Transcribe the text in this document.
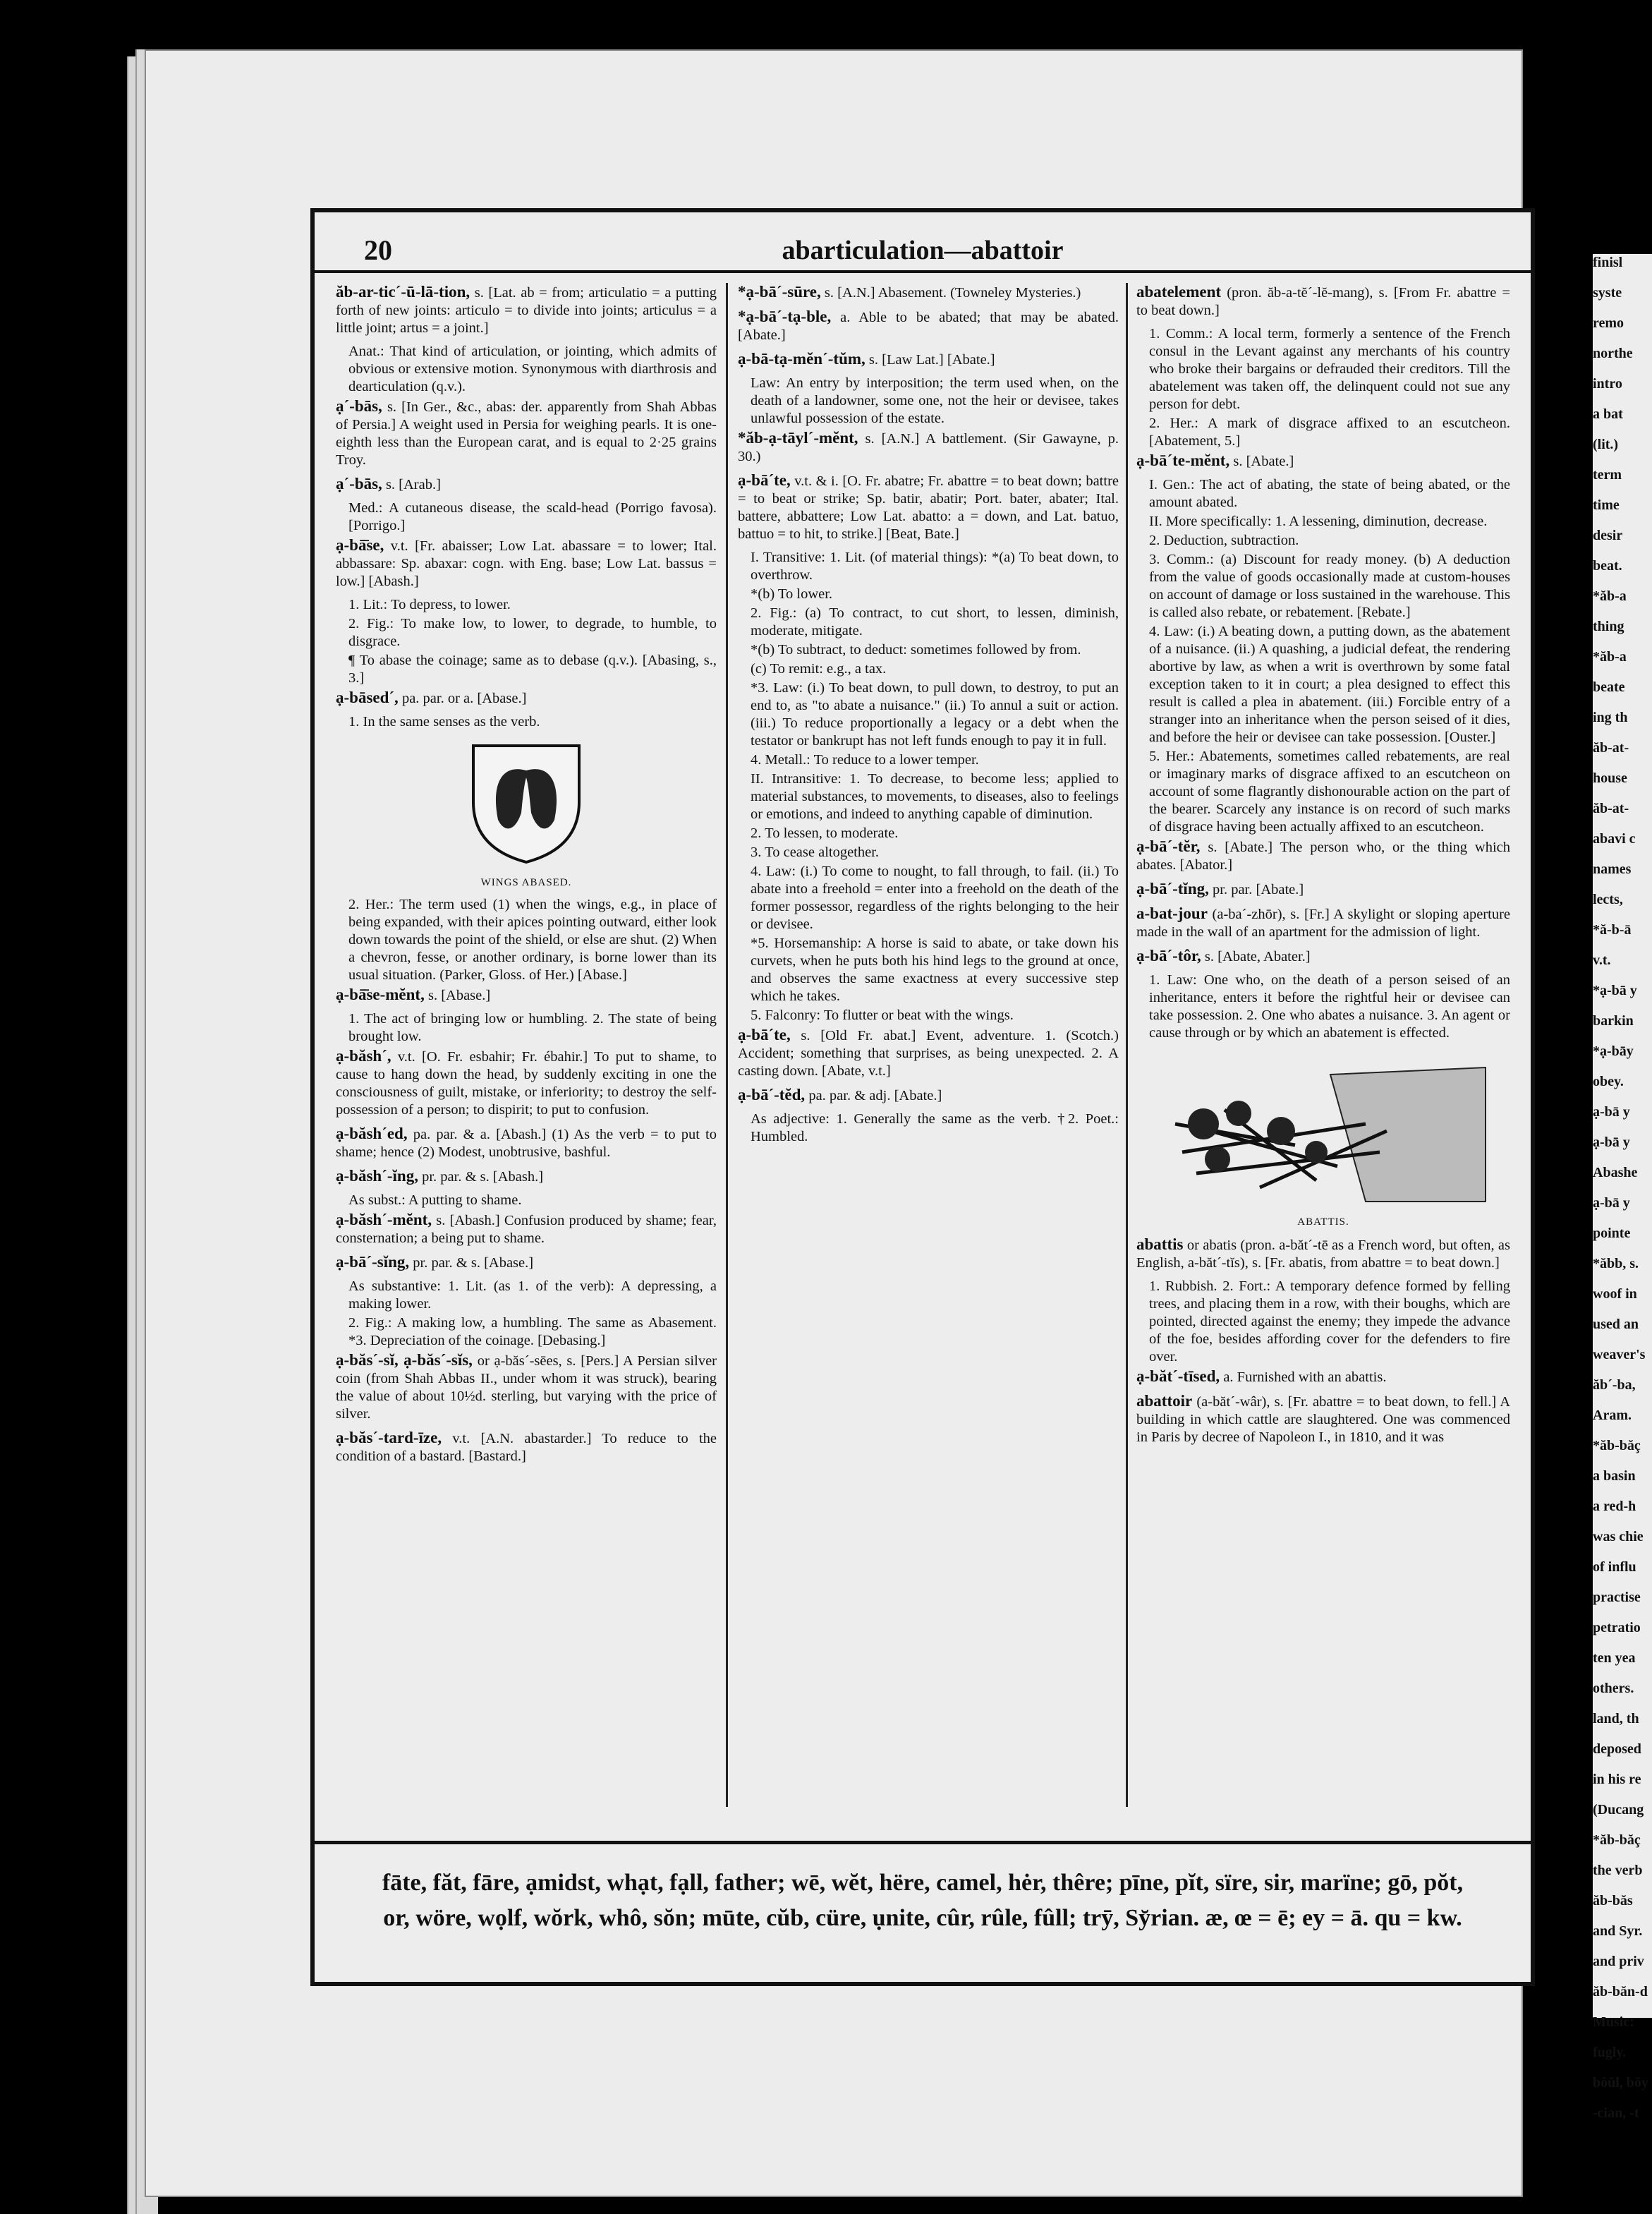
20	abarticulation—abattoir

ăb-ar-tic´-ū-lā-tion, s. [Lat. ab = from; articulatio = a putting forth of new joints: articulo = to divide into joints; articulus = a little joint; artus = a joint.]

Anat.: That kind of articulation, or jointing, which admits of obvious or extensive motion. Synonymous with diarthrosis and dearticulation (q.v.).

ạ´-bās, s. [In Ger., &c., abas: der. apparently from Shah Abbas of Persia.] A weight used in Persia for weighing pearls. It is one-eighth less than the European carat, and is equal to 2·25 grains Troy.

ạ´-bās, s. [Arab.]

Med.: A cutaneous disease, the scald-head (Porrigo favosa). [Porrigo.]

ạ-bā̄se, v.t. [Fr. abaisser; Low Lat. abassare = to lower; Ital. abbassare: Sp. abaxar: cogn. with Eng. base; Low Lat. bassus = low.] [Abash.]

1. Lit.: To depress, to lower.

2. Fig.: To make low, to lower, to degrade, to humble, to disgrace.

¶ To abase the coinage; same as to debase (q.v.). [Abasing, s., 3.]

ạ-bāsed´, pa. par. or a. [Abase.]

1. In the same senses as the verb.

WINGS ABASED.

2. Her.: The term used (1) when the wings, e.g., in place of being expanded, with their apices pointing outward, either look down towards the point of the shield, or else are shut. (2) When a chevron, fesse, or another ordinary, is borne lower than its usual situation. (Parker, Gloss. of Her.) [Abase.]

ạ-bā̄se-mĕnt, s. [Abase.]

1. The act of bringing low or humbling. 2. The state of being brought low.

ạ-băsh´, v.t. [O. Fr. esbahir; Fr. ébahir.] To put to shame, to cause to hang down the head, by suddenly exciting in one the consciousness of guilt, mistake, or inferiority; to destroy the self-possession of a person; to dispirit; to put to confusion.

ạ-băsh´ed, pa. par. & a. [Abash.] (1) As the verb = to put to shame; hence (2) Modest, unobtrusive, bashful.

ạ-băsh´-ĭng, pr. par. & s. [Abash.]

As subst.: A putting to shame.

ạ-băsh´-mĕnt, s. [Abash.] Confusion produced by shame; fear, consternation; a being put to shame.

ạ-bā´-sĭng, pr. par. & s. [Abase.]

As substantive: 1. Lit. (as 1. of the verb): A depressing, a making lower.

2. Fig.: A making low, a humbling. The same as Abasement. *3. Depreciation of the coinage. [Debasing.]

ạ-băs´-sĭ, ạ-băs´-sĭs, or ạ-băs´-sēes, s. [Pers.] A Persian silver coin (from Shah Abbas II., under whom it was struck), bearing the value of about 10½d. sterling, but varying with the price of silver.

ạ-băs´-tard-īze, v.t. [A.N. abastarder.] To reduce to the condition of a bastard. [Bastard.]

*ạ-bā´-sūre, s. [A.N.] Abasement. (Towneley Mysteries.)

*ạ-bā´-tạ-ble, a. Able to be abated; that may be abated. [Abate.]

ạ-bā-tạ-mĕn´-tŭm, s. [Law Lat.] [Abate.]

Law: An entry by interposition; the term used when, on the death of a landowner, some one, not the heir or devisee, takes unlawful possession of the estate.

*ăb-ạ-tāyl´-mĕnt, s. [A.N.] A battlement. (Sir Gawayne, p. 30.)

ạ-bā´te, v.t. & i. [O. Fr. abatre; Fr. abattre = to beat down; battre = to beat or strike; Sp. batir, abatir; Port. bater, abater; Ital. battere, abbattere; Low Lat. abatto: a = down, and Lat. batuo, battuo = to hit, to strike.] [Beat, Bate.]

I. Transitive: 1. Lit. (of material things): *(a) To beat down, to overthrow.

*(b) To lower.

2. Fig.: (a) To contract, to cut short, to lessen, diminish, moderate, mitigate.

*(b) To subtract, to deduct: sometimes followed by from.

(c) To remit: e.g., a tax.

*3. Law: (i.) To beat down, to pull down, to destroy, to put an end to, as "to abate a nuisance." (ii.) To annul a suit or action. (iii.) To reduce proportionally a legacy or a debt when the testator or bankrupt has not left funds enough to pay it in full.

4. Metall.: To reduce to a lower temper.

II. Intransitive: 1. To decrease, to become less; applied to material substances, to movements, to diseases, also to feelings or emotions, and indeed to anything capable of diminution.

2. To lessen, to moderate.

3. To cease altogether.

4. Law: (i.) To come to nought, to fall through, to fail. (ii.) To abate into a freehold = enter into a freehold on the death of the former possessor, regardless of the rights belonging to the heir or devisee.

*5. Horsemanship: A horse is said to abate, or take down his curvets, when he puts both his hind legs to the ground at once, and observes the same exactness at every successive step which he takes.

5. Falconry: To flutter or beat with the wings.

ạ-bā´te, s. [Old Fr. abat.] Event, adventure. 1. (Scotch.) Accident; something that surprises, as being unexpected. 2. A casting down. [Abate, v.t.]

ạ-bā´-tĕd, pa. par. & adj. [Abate.]

As adjective: 1. Generally the same as the verb. †2. Poet.: Humbled.

abatelement (pron. ăb-a-tĕ´-lĕ-mang), s. [From Fr. abattre = to beat down.]

1. Comm.: A local term, formerly a sentence of the French consul in the Levant against any merchants of his country who broke their bargains or defrauded their creditors. Till the abatelement was taken off, the delinquent could not sue any person for debt.

2. Her.: A mark of disgrace affixed to an escutcheon. [Abatement, 5.]

ạ-bā´te-mĕnt, s. [Abate.]

I. Gen.: The act of abating, the state of being abated, or the amount abated.

II. More specifically: 1. A lessening, diminution, decrease.

2. Deduction, subtraction.

3. Comm.: (a) Discount for ready money. (b) A deduction from the value of goods occasionally made at custom-houses on account of damage or loss sustained in the warehouse. This is called also rebate, or rebatement. [Rebate.]

4. Law: (i.) A beating down, a putting down, as the abatement of a nuisance. (ii.) A quashing, a judicial defeat, the rendering abortive by law, as when a writ is overthrown by some fatal exception taken to it in court; a plea designed to effect this result is called a plea in abatement. (iii.) Forcible entry of a stranger into an inheritance when the person seised of it dies, and before the heir or devisee can take possession. [Ouster.]

5. Her.: Abatements, sometimes called rebatements, are real or imaginary marks of disgrace affixed to an escutcheon on account of some flagrantly dishonourable action on the part of the bearer. Scarcely any instance is on record of such marks of disgrace having been actually affixed to an escutcheon.

ạ-bā´-tĕr, s. [Abate.] The person who, or the thing which abates. [Abator.]

ạ-bā´-tĭng, pr. par. [Abate.]

a-bat-jour (a-ba´-zhōr), s. [Fr.] A skylight or sloping aperture made in the wall of an apartment for the admission of light.

ạ-bā´-tôr, s. [Abate, Abater.]

1. Law: One who, on the death of a person seised of an inheritance, enters it before the rightful heir or devisee can take possession. 2. One who abates a nuisance. 3. An agent or cause through or by which an abatement is effected.

ABATTIS.

abattis or abatis (pron. a-băt´-tē as a French word, but often, as English, a-băt´-tĭs), s. [Fr. abatis, from abattre = to beat down.]

1. Rubbish. 2. Fort.: A temporary defence formed by felling trees, and placing them in a row, with their boughs, which are pointed, directed against the enemy; they impede the advance of the foe, besides affording cover for the defenders to fire over.

ạ-băt´-tīsed, a. Furnished with an abattis.

abattoir (a-băt´-wâr), s. [Fr. abattre = to beat down, to fell.] A building in which cattle are slaughtered. One was commenced in Paris by decree of Napoleon I., in 1810, and it was

fāte, făt, fāre, ạmidst, whạt, fạll, father; wē, wĕt, hëre, camel, hėr, thêre; pīne, pĭt, sïre, sir, marïne; gō, pŏt,
or, wöre, wọlf, wŏrk, whô, sŏn; mūte, cŭb, cüre, ụnite, cûr, rûle, fûll; trȳ, Sy̆rian. æ, œ = ē; ey = ā. qu = kw.
finisl
syste
remo
northe
intro
a bat
(lit.)
term
time
desir
beat.
*ăb-a
thing
*ăb-a
beate
ing th
ăb-at-
house
ăb-at-
abavi c
names
lects,
*ă-b-ā
v.t.
*ạ-bā y
barkin
*ạ-bāy
obey.
ạ-bā y
ạ-bā y
Abashe
ạ-bā y
pointe
*ăbb, s.
woof in
used an
weaver's
ăb´-ba,
Aram.
*ăb-băç
a basin
a red-h
was chie
of influ
practise
petratio
ten yea
others.
land, th
deposed
in his re
(Ducang
*ăb-băç
the verb
ăb-băs
and Syr.
and priv
ăb-băn-d
Music:
fugly.
bôŭl, bŏy
-cian, -t
